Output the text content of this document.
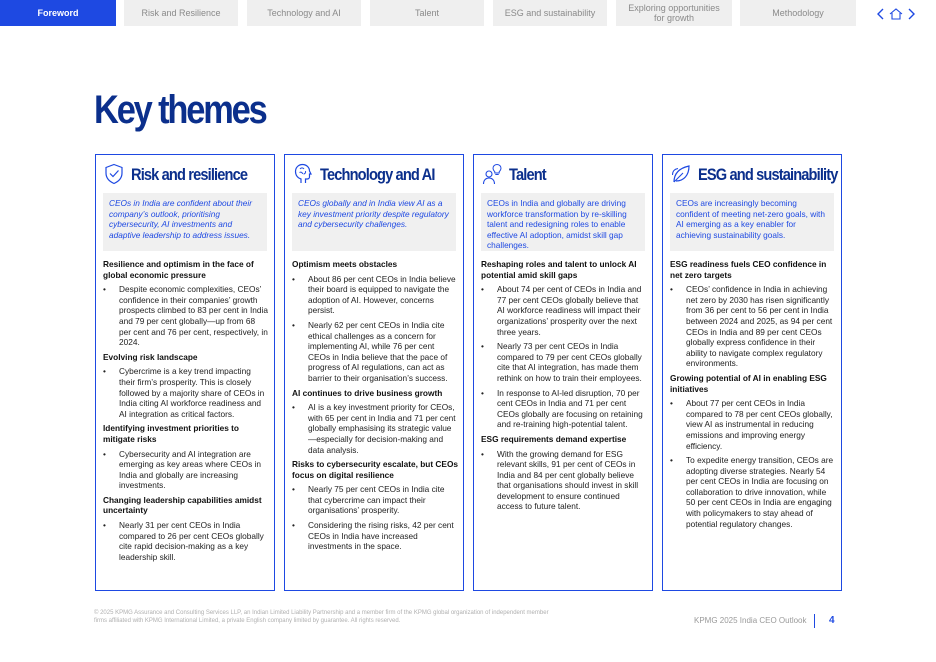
Foreword	Risk and Resilience	Technology and AI	Talent	ESG and sustainability	Exploring opportunities for growth	Methodology
Key themes
Risk and resilience
CEOs in India are confident about their company’s outlook, prioritising cybersecurity, AI investments and adaptive leadership to address issues.
Resilience and optimism in the face of global economic pressure
• Despite economic complexities, CEOs’ confidence in their companies’ growth prospects climbed to 83 per cent in India and 79 per cent globally—up from 68 per cent and 76 per cent, respectively, in 2024.
Evolving risk landscape
• Cybercrime is a key trend impacting their firm’s prosperity. This is closely followed by a majority share of CEOs in India citing AI workforce readiness and AI integration as critical factors.
Identifying investment priorities to mitigate risks
• Cybersecurity and AI integration are emerging as key areas where CEOs in India and globally are increasing investments.
Changing leadership capabilities amidst uncertainty
• Nearly 31 per cent CEOs in India compared to 26 per cent CEOs globally cite rapid decision-making as a key leadership skill.
Technology and AI
CEOs globally and in India view AI as a key investment priority despite regulatory and cybersecurity challenges.
Optimism meets obstacles
• About 86 per cent CEOs in India believe their board is equipped to navigate the adoption of AI. However, concerns persist.
• Nearly 62 per cent CEOs in India cite ethical challenges as a concern for implementing AI, while 76 per cent CEOs in India believe that the pace of progress of AI regulations, can act as barrier to their organisation’s success.
AI continues to drive business growth
• AI is a key investment priority for CEOs, with 65 per cent in India and 71 per cent globally emphasising its strategic value—especially for decision-making and data analysis.
Risks to cybersecurity escalate, but CEOs focus on digital resilience
• Nearly 75 per cent CEOs in India cite that cybercrime can impact their organisations’ prosperity.
• Considering the rising risks, 42 per cent CEOs in India have increased investments in the space.
Talent
CEOs in India and globally are driving workforce transformation by re-skilling talent and redesigning roles to enable effective AI adoption, amidst skill gap challenges.
Reshaping roles and talent to unlock AI potential amid skill gaps
• About 74 per cent of CEOs in India and 77 per cent CEOs globally believe that AI workforce readiness will impact their organizations’ prosperity over the next three years.
• Nearly 73 per cent CEOs in India compared to 79 per cent CEOs globally cite that AI integration, has made them rethink on how to train their employees.
• In response to AI-led disruption, 70 per cent CEOs in India and 71 per cent CEOs globally are focusing on retaining and re-training high-potential talent.
ESG requirements demand expertise
• With the growing demand for ESG relevant skills, 91 per cent of CEOs in India and 84 per cent globally believe that organisations should invest in skill development to ensure continued access to future talent.
ESG and sustainability
CEOs are increasingly becoming confident of meeting net-zero goals, with AI emerging as a key enabler for achieving sustainability goals.
ESG readiness fuels CEO confidence in net zero targets
• CEOs’ confidence in India in achieving net zero by 2030 has risen significantly from 36 per cent to 56 per cent in India between 2024 and 2025, as 94 per cent CEOs in India and 89 per cent CEOs globally express confidence in their ability to navigate complex regulatory environments.
Growing potential of AI in enabling ESG initiatives
• About 77 per cent CEOs in India compared to 78 per cent CEOs globally, view AI as instrumental in reducing emissions and improving energy efficiency.
• To expedite energy transition, CEOs are adopting diverse strategies. Nearly 54 per cent CEOs in India are focusing on collaboration to drive innovation, while 50 per cent CEOs in India are engaging with policymakers to stay ahead of potential regulatory changes.
© 2025 KPMG Assurance and Consulting Services LLP, an Indian Limited Liability Partnership and a member firm of the KPMG global organization of independent member firms affiliated with KPMG International Limited, a private English company limited by guarantee. All rights reserved.	KPMG 2025 India CEO Outlook 4
